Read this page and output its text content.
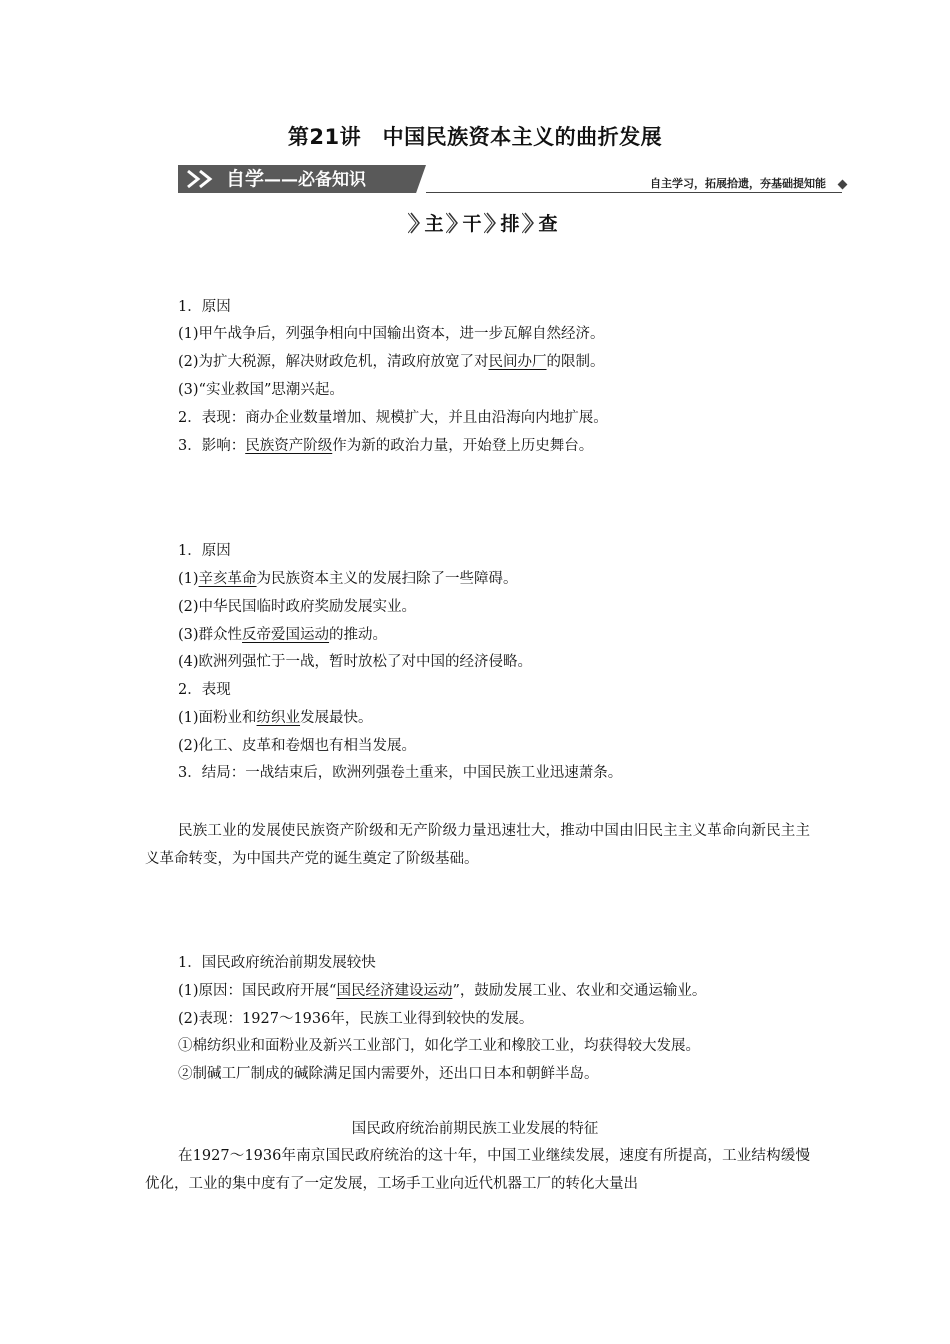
第21讲　中国民族资本主义的曲折发展
自学——必备知识	自主学习，拓展拾遗，夯基础提知能
主 干 排 查
1．原因
(1)甲午战争后，列强争相向中国输出资本，进一步瓦解自然经济。
(2)为扩大税源，解决财政危机，清政府放宽了对民间办厂的限制。
(3)“实业救国”思潮兴起。
2．表现：商办企业数量增加、规模扩大，并且由沿海向内地扩展。
3．影响：民族资产阶级作为新的政治力量，开始登上历史舞台。
1．原因
(1)辛亥革命为民族资本主义的发展扫除了一些障碍。
(2)中华民国临时政府奖励发展实业。
(3)群众性反帝爱国运动的推动。
(4)欧洲列强忙于一战，暂时放松了对中国的经济侵略。
2．表现
(1)面粉业和纺织业发展最快。
(2)化工、皮革和卷烟也有相当发展。
3．结局：一战结束后，欧洲列强卷土重来，中国民族工业迅速萧条。
民族工业的发展使民族资产阶级和无产阶级力量迅速壮大，推动中国由旧民主主义革命向新民主主义革命转变，为中国共产党的诞生奠定了阶级基础。
1．国民政府统治前期发展较快
(1)原因：国民政府开展“国民经济建设运动”，鼓励发展工业、农业和交通运输业。
(2)表现：1927～1936年，民族工业得到较快的发展。
①棉纺织业和面粉业及新兴工业部门，如化学工业和橡胶工业，均获得较大发展。
②制碱工厂制成的碱除满足国内需要外，还出口日本和朝鲜半岛。
国民政府统治前期民族工业发展的特征
在1927～1936年南京国民政府统治的这十年，中国工业继续发展，速度有所提高，工业结构缓慢优化，工业的集中度有了一定发展，工场手工业向近代机器工厂的转化大量出
